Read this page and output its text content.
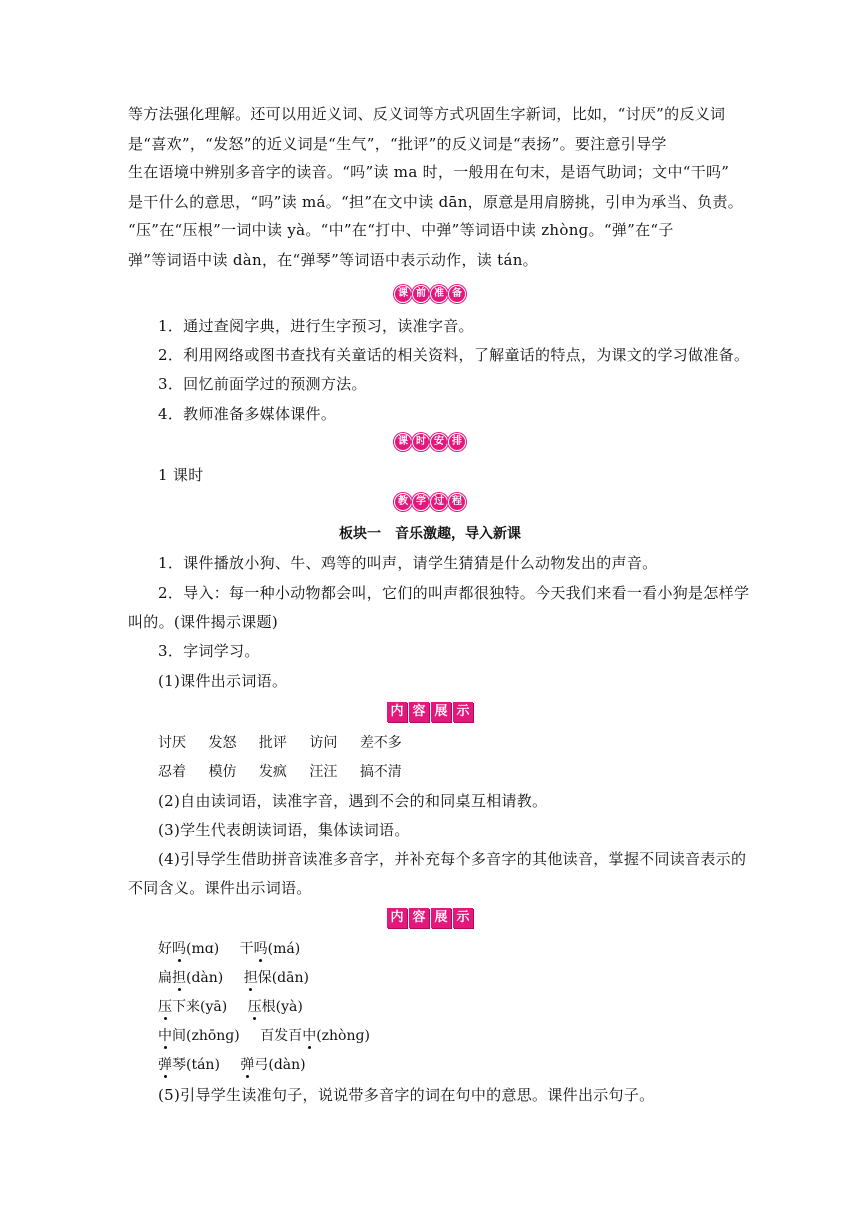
等方法强化理解。还可以用近义词、反义词等方式巩固生字新词，比如，“讨厌”的反义词
是“喜欢”，“发怒”的近义词是“生气”，“批评”的反义词是“表扬”。要注意引导学
生在语境中辨别多音字的读音。“吗”读 ma 时，一般用在句末，是语气助词；文中“干吗”
是干什么的意思，“吗”读 má。“担”在文中读 dān，原意是用肩膀挑，引申为承当、负责。
“压”在“压根”一词中读 yà。“中”在“打中、中弹”等词语中读 zhònɡ。“弹”在“子
弹”等词语中读 dàn，在“弹琴”等词语中表示动作，读 tán。
课 前 准 备
1．通过查阅字典，进行生字预习，读准字音。
2．利用网络或图书查找有关童话的相关资料，了解童话的特点，为课文的学习做准备。
3．回忆前面学过的预测方法。
4．教师准备多媒体课件。
课 时 安 排
1 课时
教 学 过 程
板块一　音乐激趣，导入新课
1．课件播放小狗、牛、鸡等的叫声，请学生猜猜是什么动物发出的声音。
2．导入：每一种小动物都会叫，它们的叫声都很独特。今天我们来看一看小狗是怎样学
叫的。(课件揭示课题)
3．字词学习。
(1)课件出示词语。
内 容 展 示
讨厌 发怒 批评 访问 差不多
忍着 模仿 发疯 汪汪 搞不清
(2)自由读词语，读准字音，遇到不会的和同桌互相请教。
(3)学生代表朗读词语，集体读词语。
(4)引导学生借助拼音读准多音字，并补充每个多音字的其他读音，掌握不同读音表示的
不同含义。课件出示词语。
内 容 展 示
好吗(mɑ) 干吗(má)
扁担(dàn) 担保(dān)
压下来(yā) 压根(yà)
中间(zhōnɡ) 百发百中(zhònɡ)
弹琴(tán) 弹弓(dàn)
(5)引导学生读准句子，说说带多音字的词在句中的意思。课件出示句子。
